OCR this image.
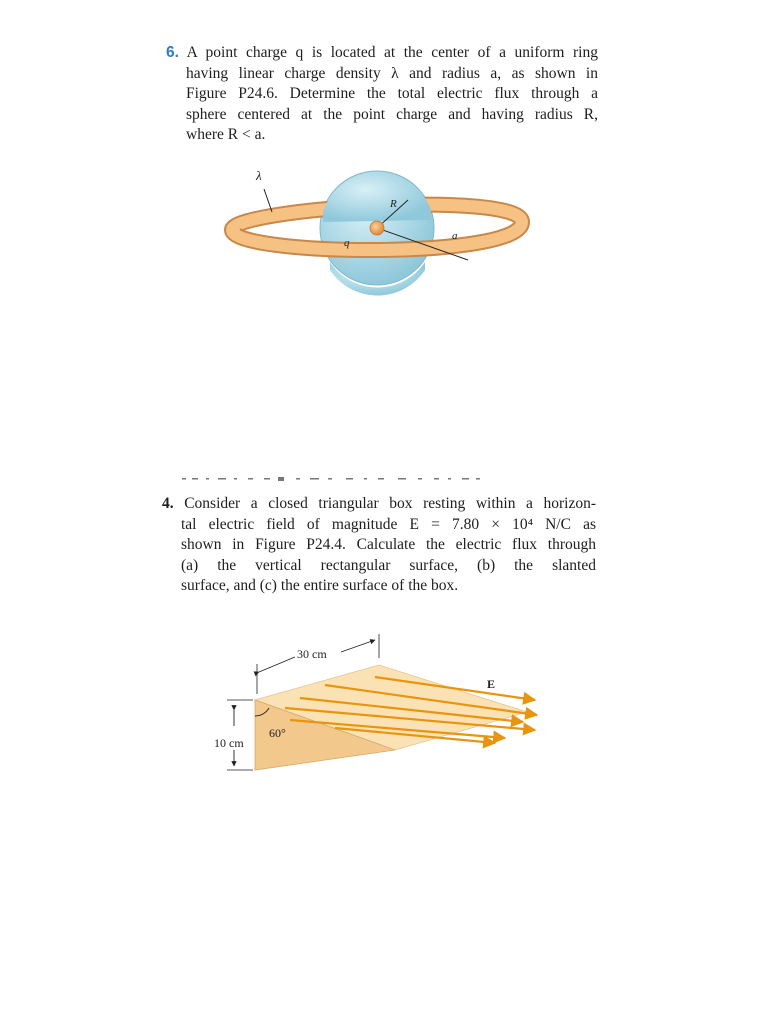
6. A point charge q is located at the center of a uniform ring
having linear charge density λ and radius a, as shown in
Figure P24.6. Determine the total electric flux through a
sphere centered at the point charge and having radius R,
where R < a.
λ
R
a
q
4. Consider a closed triangular box resting within a horizon-
tal electric field of magnitude E = 7.80 × 10⁴ N/C as
shown in Figure P24.4. Calculate the electric flux through
(a) the vertical rectangular surface, (b) the slanted
surface, and (c) the entire surface of the box.
30 cm
10 cm
60°
E
